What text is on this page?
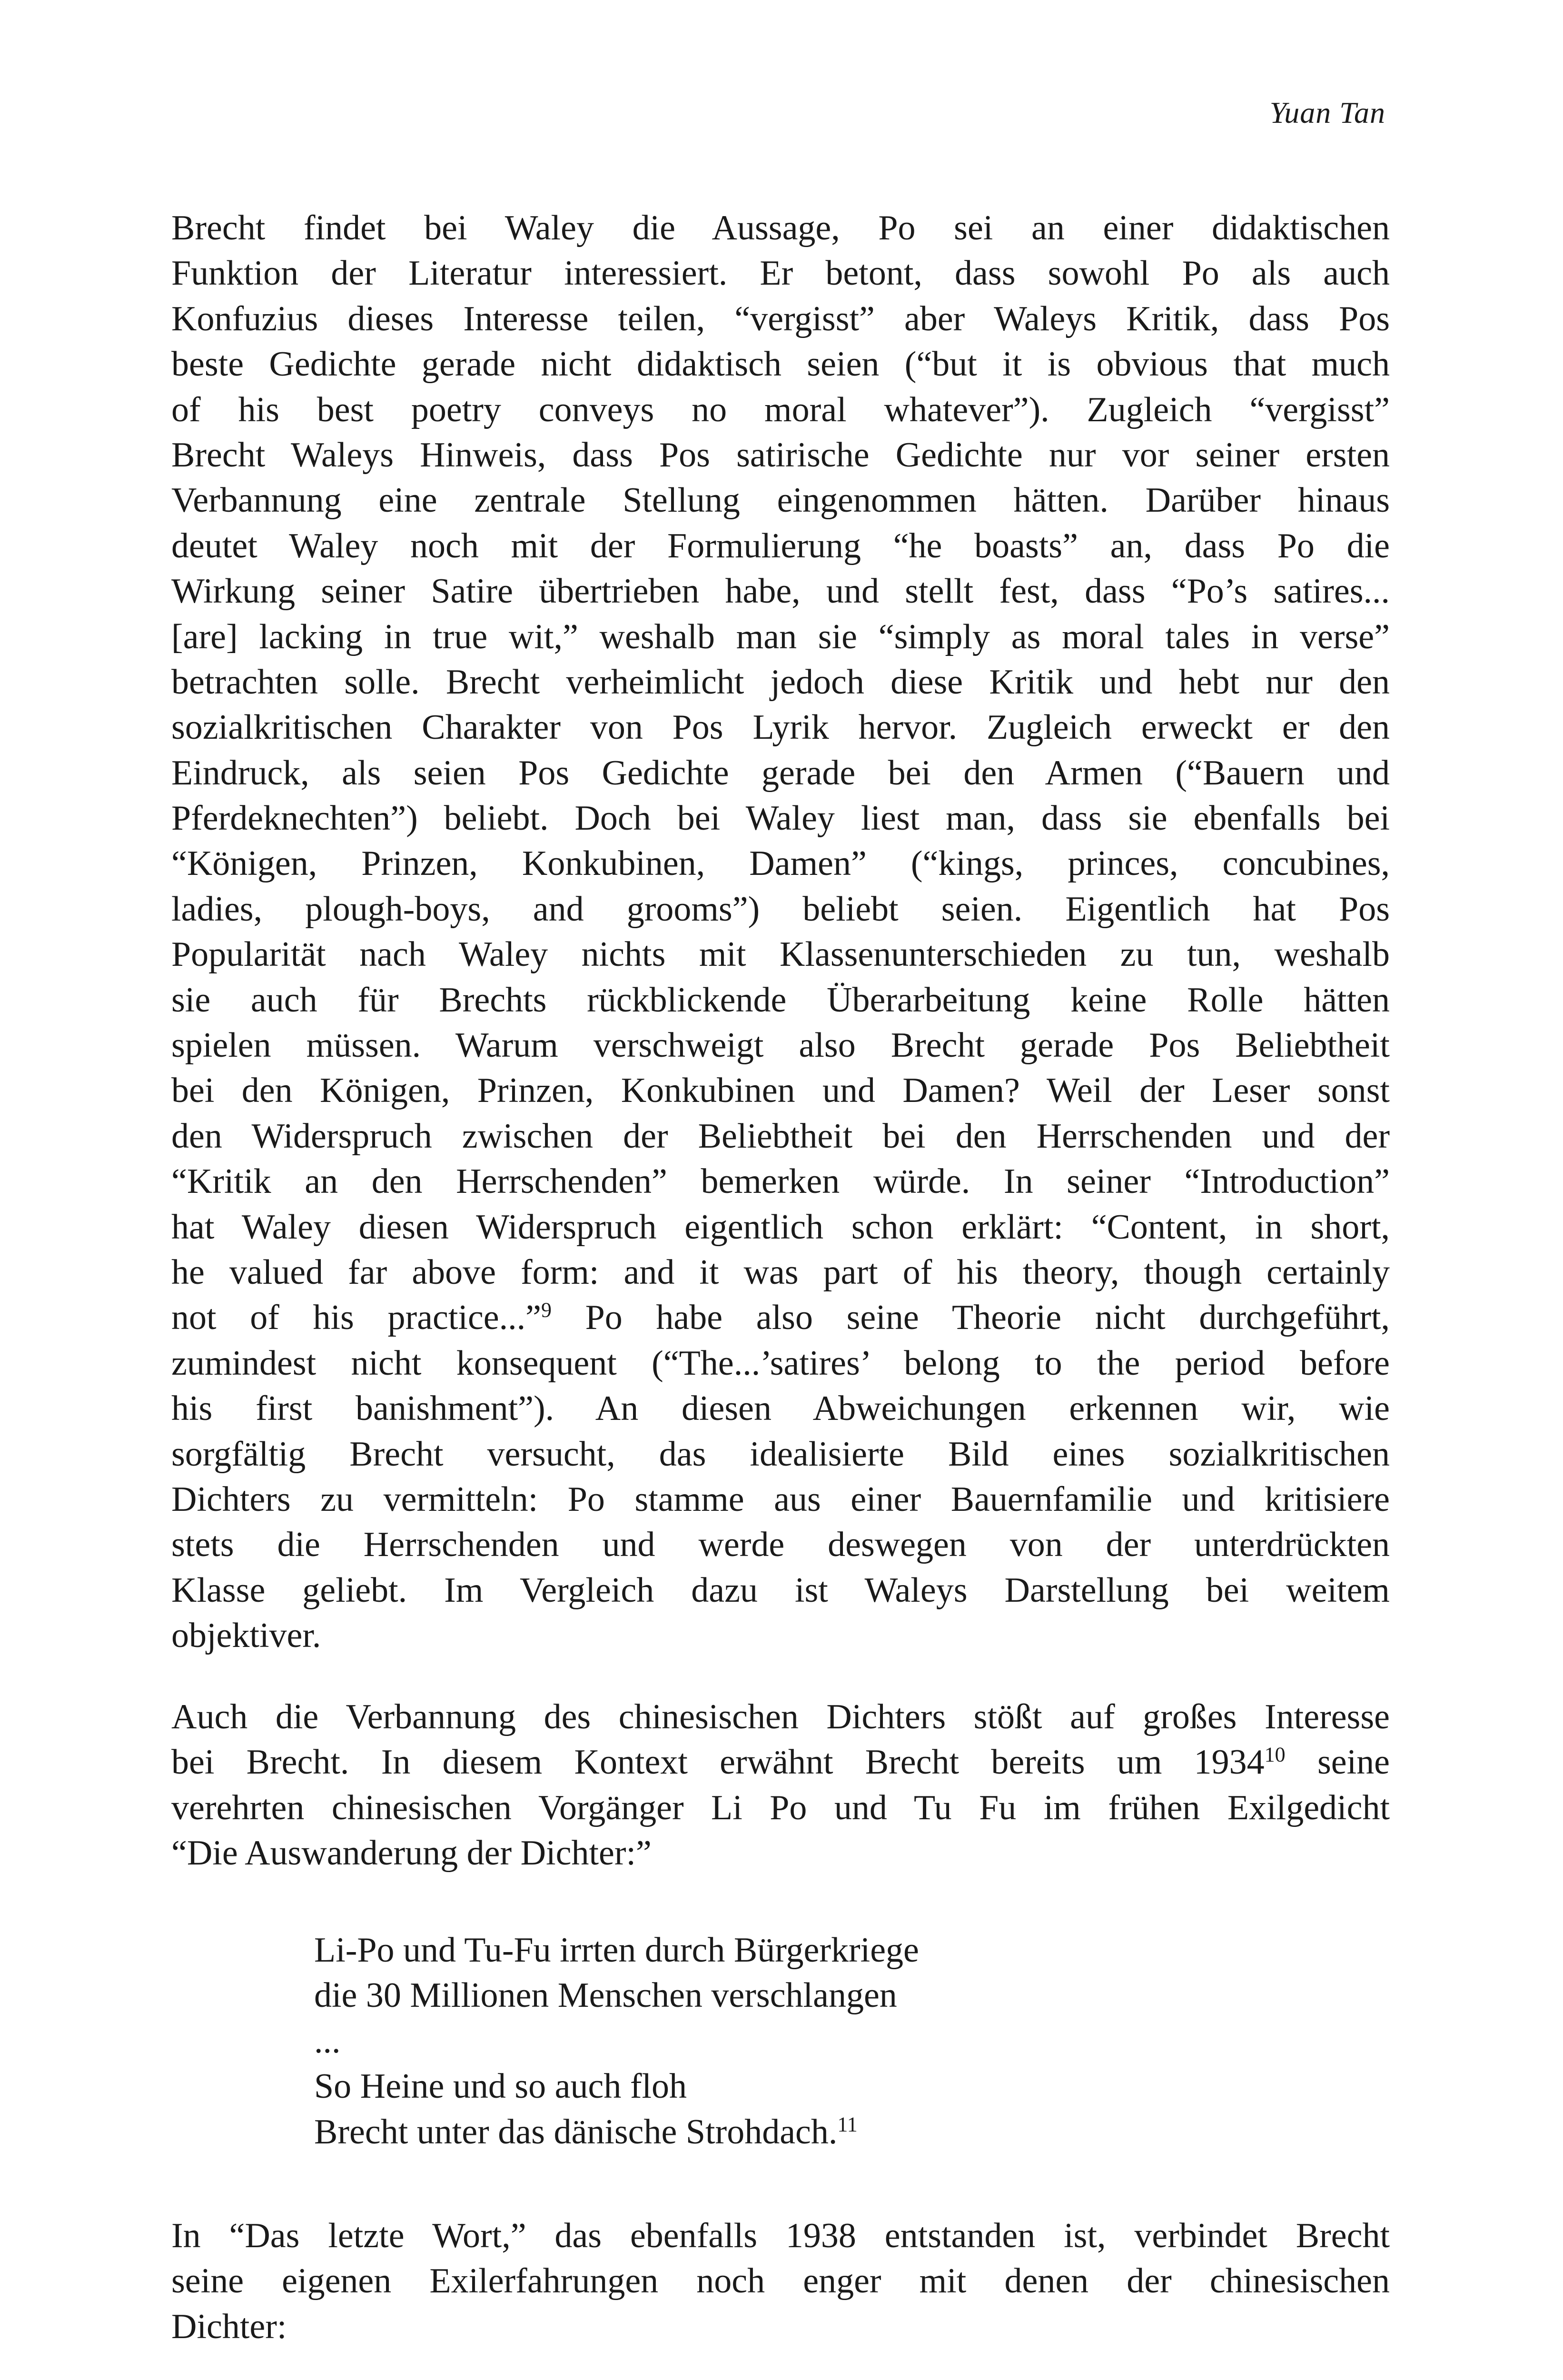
Yuan Tan
Brecht findet bei Waley die Aussage, Po sei an einer didaktischen
Funktion der Literatur interessiert. Er betont, dass sowohl Po als auch
Konfuzius dieses Interesse teilen, “vergisst” aber Waleys Kritik, dass Pos
beste Gedichte gerade nicht didaktisch seien (“but it is obvious that much
of his best poetry conveys no moral whatever”). Zugleich “vergisst”
Brecht Waleys Hinweis, dass Pos satirische Gedichte nur vor seiner ersten
Verbannung eine zentrale Stellung eingenommen hätten. Darüber hinaus
deutet Waley noch mit der Formulierung “he boasts” an, dass Po die
Wirkung seiner Satire übertrieben habe, und stellt fest, dass “Po’s satires...
[are] lacking in true wit,” weshalb man sie “simply as moral tales in verse”
betrachten solle. Brecht verheimlicht jedoch diese Kritik und hebt nur den
sozialkritischen Charakter von Pos Lyrik hervor. Zugleich erweckt er den
Eindruck, als seien Pos Gedichte gerade bei den Armen (“Bauern und
Pferdeknechten”) beliebt. Doch bei Waley liest man, dass sie ebenfalls bei
“Königen, Prinzen, Konkubinen, Damen” (“kings, princes, concubines,
ladies, plough-boys, and grooms”) beliebt seien. Eigentlich hat Pos
Popularität nach Waley nichts mit Klassenunterschieden zu tun, weshalb
sie auch für Brechts rückblickende Überarbeitung keine Rolle hätten
spielen müssen. Warum verschweigt also Brecht gerade Pos Beliebtheit
bei den Königen, Prinzen, Konkubinen und Damen? Weil der Leser sonst
den Widerspruch zwischen der Beliebtheit bei den Herrschenden und der
“Kritik an den Herrschenden” bemerken würde. In seiner “Introduction”
hat Waley diesen Widerspruch eigentlich schon erklärt: “Content, in short,
he valued far above form: and it was part of his theory, though certainly
not of his practice...”$^9$ Po habe also seine Theorie nicht durchgeführt,
zumindest nicht konsequent (“The...’satires’ belong to the period before
his first banishment”). An diesen Abweichungen erkennen wir, wie
sorgfältig Brecht versucht, das idealisierte Bild eines sozialkritischen
Dichters zu vermitteln: Po stamme aus einer Bauernfamilie und kritisiere
stets die Herrschenden und werde deswegen von der unterdrückten
Klasse geliebt. Im Vergleich dazu ist Waleys Darstellung bei weitem
objektiver.
Auch die Verbannung des chinesischen Dichters stößt auf großes Interesse
bei Brecht. In diesem Kontext erwähnt Brecht bereits um 1934$^{10}$ seine
verehrten chinesischen Vorgänger Li Po und Tu Fu im frühen Exilgedicht
“Die Auswanderung der Dichter:”
Li-Po und Tu-Fu irrten durch Bürgerkriege
die 30 Millionen Menschen verschlangen
...
So Heine und so auch floh
Brecht unter das dänische Strohdach.$^{11}$
In “Das letzte Wort,” das ebenfalls 1938 entstanden ist, verbindet Brecht
seine eigenen Exilerfahrungen noch enger mit denen der chinesischen
Dichter:
